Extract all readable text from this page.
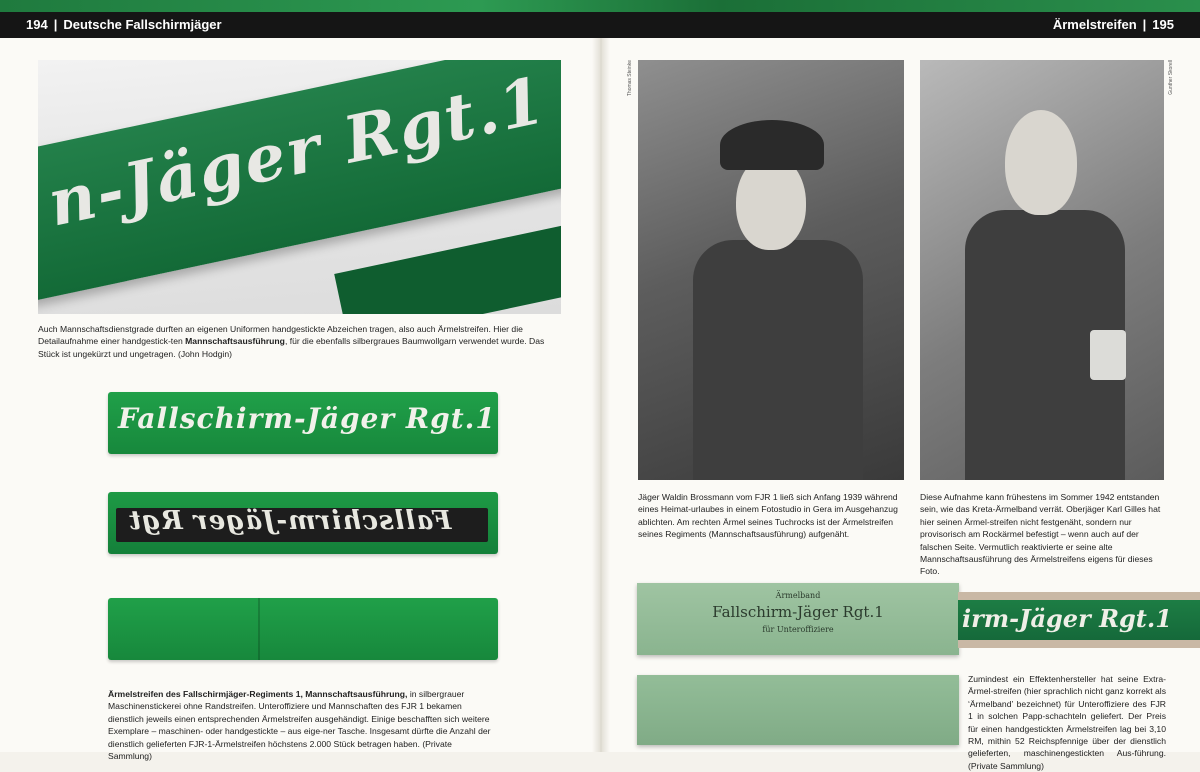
194 | Deutsche Fallschirmjäger	Ärmelstreifen | 195
n-Jäger Rgt.1
Auch Mannschaftsdienstgrade durften an eigenen Uniformen handgestickte Abzeichen tragen, also auch Ärmelstreifen. Hier die Detailaufnahme einer handgestick-ten Mannschaftsausführung, für die ebenfalls silbergraues Baumwollgarn verwendet wurde. Das Stück ist ungekürzt und ungetragen. (John Hodgin)
Fallschirm-Jäger Rgt.1
Fallschirm-Jäger Rgt
Ärmelstreifen des Fallschirmjäger-Regiments 1, Mannschaftsausführung, in silbergrauer Maschinenstickerei ohne Randstreifen. Unteroffiziere und Mannschaften des FJR 1 bekamen dienstlich jeweils einen entsprechenden Ärmelstreifen ausgehändigt. Einige beschafften sich weitere Exemplare – maschinen- oder handgestickte – aus eige-ner Tasche. Insgesamt dürfte die Anzahl der dienstlich gelieferten FJR-1-Ärmelstreifen höchstens 2.000 Stück betragen haben. (Private Sammlung)
Thomas Steinke
Jäger Waldin Brossmann vom FJR 1 ließ sich Anfang 1939 während eines Heimat-urlaubes in einem Fotostudio in Gera im Ausgehanzug ablichten. Am rechten Ärmel seines Tuchrocks ist der Ärmelstreifen seines Regiments (Mannschaftsausführung) aufgenäht.
Gunther Skorell
Diese Aufnahme kann frühestens im Sommer 1942 entstanden sein, wie das Kreta-Ärmelband verrät. Oberjäger Karl Gilles hat hier seinen Ärmel-streifen nicht festgenäht, sondern nur provisorisch am Rockärmel befestigt – wenn auch auf der falschen Seite. Vermutlich reaktivierte er seine alte Mannschaftsausführung des Ärmelstreifens eigens für dieses Foto.
Ärmelband
Fallschirm-Jäger Rgt.1
für Unteroffiziere	irm-Jäger Rgt.1
Zumindest ein Effektenhersteller hat seine Extra-Ärmel-streifen (hier sprachlich nicht ganz korrekt als ‘Ärmelband’ bezeichnet) für Unteroffiziere des FJR 1 in solchen Papp-schachteln geliefert. Der Preis für einen handgestickten Ärmelstreifen lag bei 3,10 RM, mithin 52 Reichspfennige über der dienstlich gelieferten, maschinengestickten Aus-führung. (Private Sammlung)
